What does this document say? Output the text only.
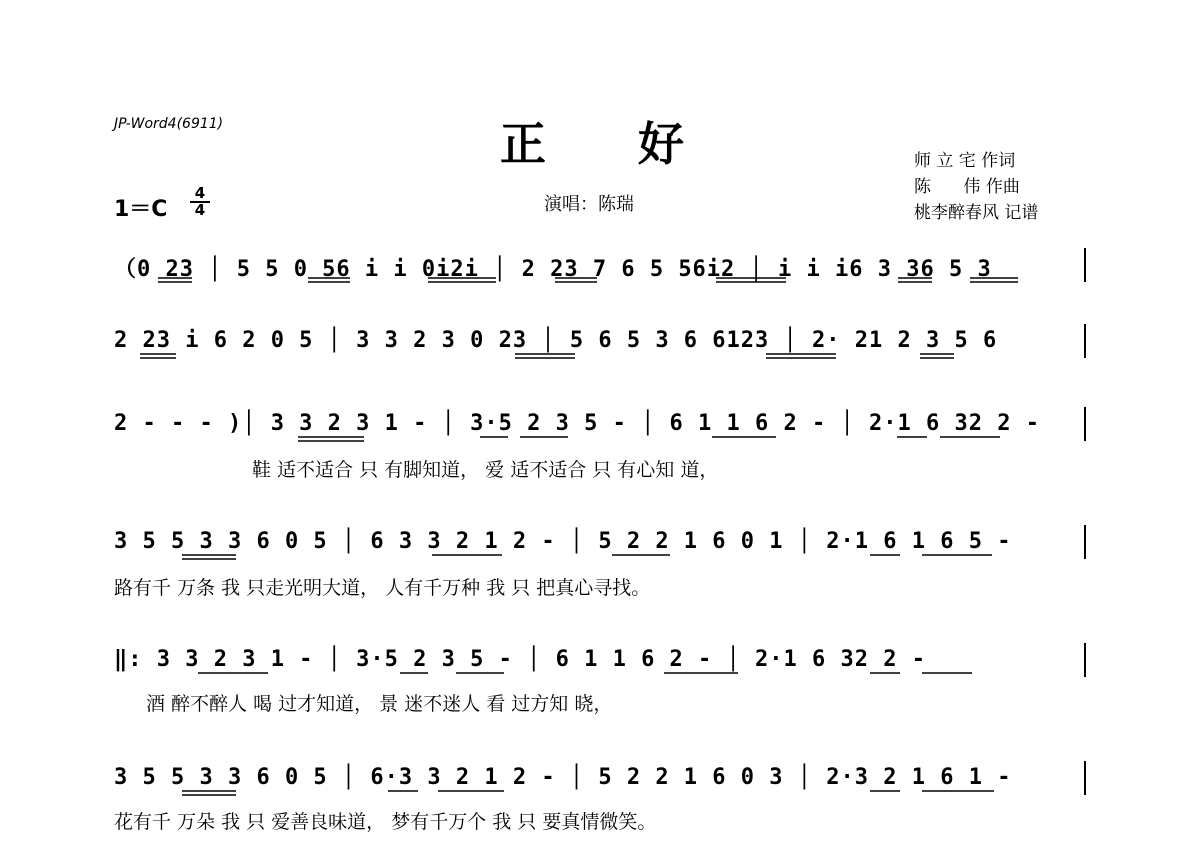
JP-Word4(6911)	正好
$1=C \frac{4}{4}$	演唱：陈瑞
师 立 宅 作词
陈      伟 作曲
桃李醉春风 记谱
（0 23 │ 5 5 0 56 i i 0i2i │ 2 23 7 6 5 56i2 │ i i i6 3 36 5 3
2 23 i 6 2 0 5 │ 3 3 2 3 0 23 │ 5 6 5 3 6 6123 │ 2· 21 2 3 5 6
2 - - - )│ 3 3 2 3 1 - │ 3·5 2 3 5 - │ 6 1 1 6 2 - │ 2·1 6 32 2 -
鞋 适不适合 只 有脚知道， 爱 适不适合 只 有心知 道，
3 5 5 3 3 6 0 5 │ 6 3 3 2 1 2 - │ 5 2 2 1 6 0 1 │ 2·1 6 1 6 5 -
路有千 万条 我 只走光明大道， 人有千万种 我 只 把真心寻找。
‖: 3 3 2 3 1 - │ 3·5 2 3 5 - │ 6 1 1 6 2 - │ 2·1 6 32 2 -
酒 醉不醉人 喝 过才知道， 景 迷不迷人 看 过方知 晓，
3 5 5 3 3 6 0 5 │ 6·3 3 2 1 2 - │ 5 2 2 1 6 0 3 │ 2·3 2 1 6 1 -
花有千 万朵 我 只 爱善良味道， 梦有千万个 我 只 要真情微笑。
